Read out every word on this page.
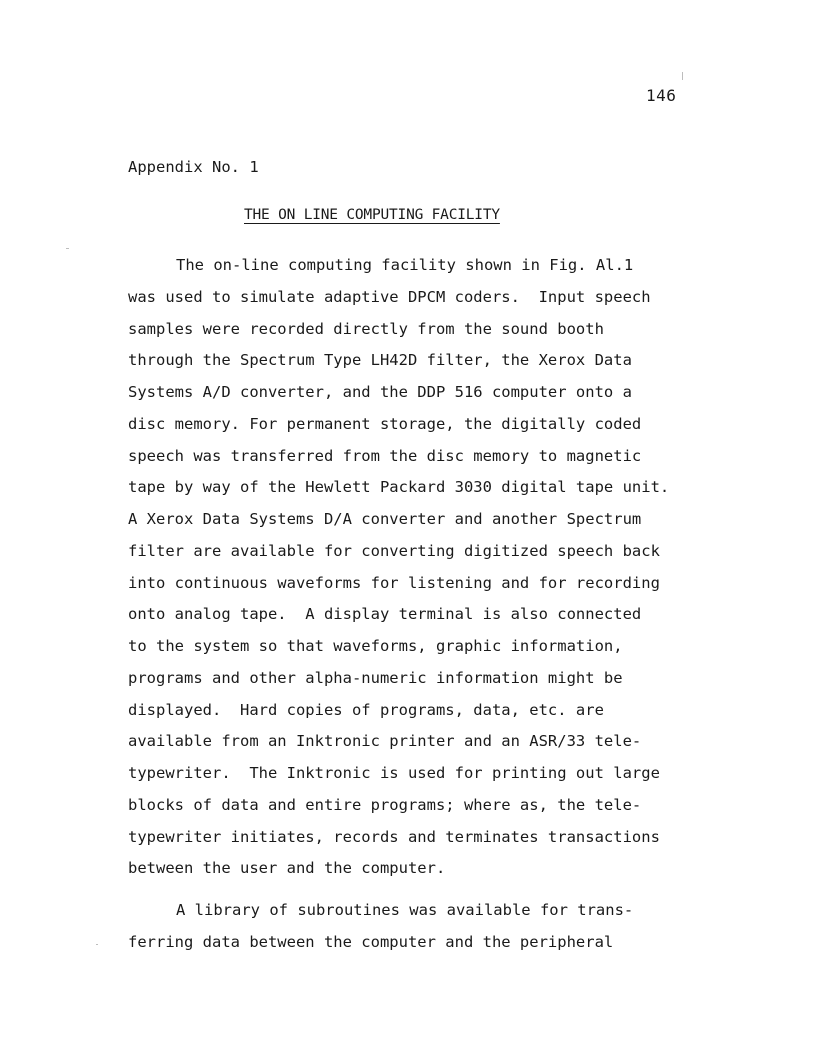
146
Appendix No. 1
THE ON LINE COMPUTING FACILITY
The on-line computing facility shown in Fig. Al.1
was used to simulate adaptive DPCM coders.  Input speech
samples were recorded directly from the sound booth
through the Spectrum Type LH42D filter, the Xerox Data
Systems A/D converter, and the DDP 516 computer onto a
disc memory. For permanent storage, the digitally coded
speech was transferred from the disc memory to magnetic
tape by way of the Hewlett Packard 3030 digital tape unit.
A Xerox Data Systems D/A converter and another Spectrum
filter are available for converting digitized speech back
into continuous waveforms for listening and for recording
onto analog tape.  A display terminal is also connected
to the system so that waveforms, graphic information,
programs and other alpha-numeric information might be
displayed.  Hard copies of programs, data, etc. are
available from an Inktronic printer and an ASR/33 tele-
typewriter.  The Inktronic is used for printing out large
blocks of data and entire programs; where as, the tele-
typewriter initiates, records and terminates transactions
between the user and the computer.
A library of subroutines was available for trans-
ferring data between the computer and the peripheral
